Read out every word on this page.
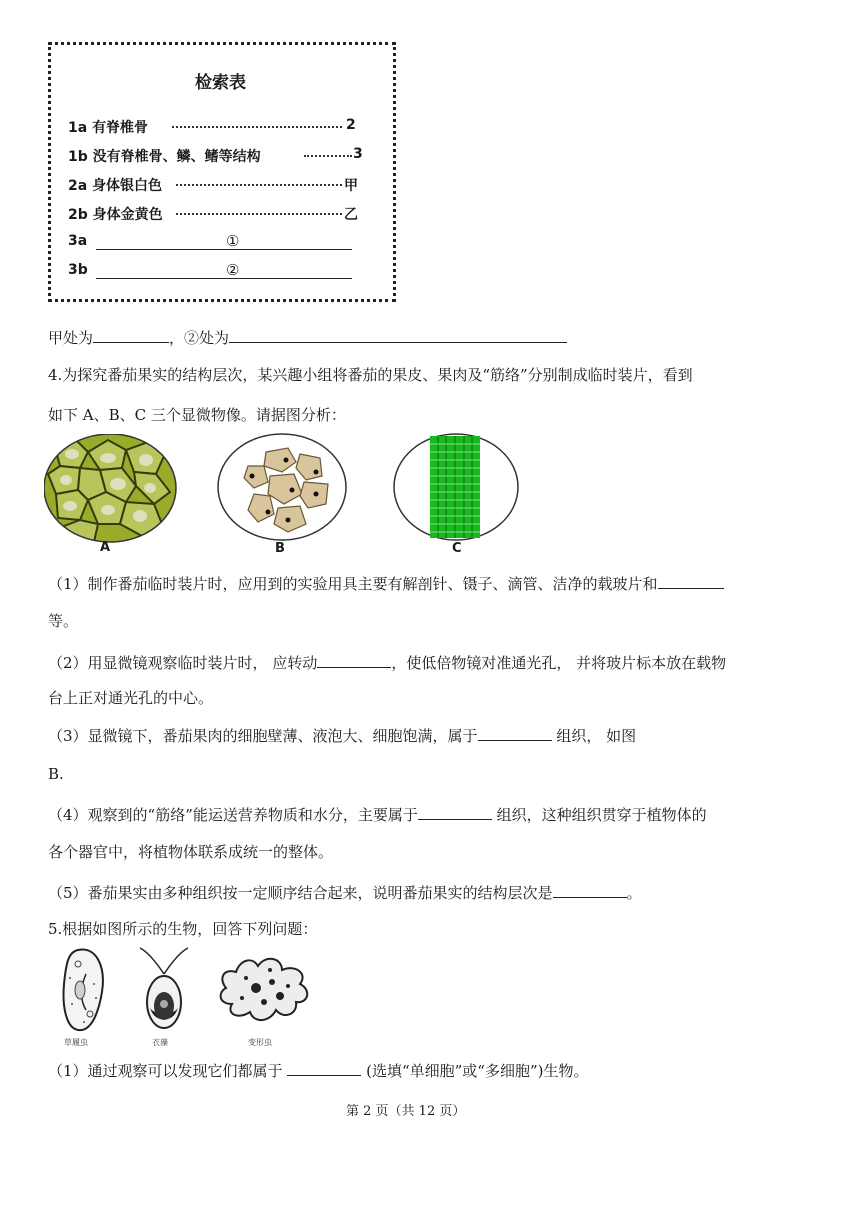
检索表
1a 有脊椎骨	2
1b 没有脊椎骨、鳞、鳍等结构	3
2a 身体银白色	甲
2b 身体金黄色	乙
3a	①
3b	②
甲处为	，②处为
4.为探究番茄果实的结构层次，某兴趣小组将番茄的果皮、果肉及“筋络”分别制成临时装片，看到
如下 A、B、C 三个显微物像。请据图分析：
A	B	C
（1）制作番茄临时装片时，应用到的实验用具主要有解剖针、镊子、滴管、洁净的载玻片和
等。
（2）用显微镜观察临时装片时， 应转动	，使低倍物镜对准通光孔， 并将玻片标本放在载物
台上正对通光孔的中心。
（3）显微镜下，番茄果肉的细胞壁薄、液泡大、细胞饱满，属于	组织， 如图
B.
（4）观察到的“筋络”能运送营养物质和水分，主要属于	组织，这种组织贯穿于植物体的
各个器官中，将植物体联系成统一的整体。
（5）番茄果实由多种组织按一定顺序结合起来，说明番茄果实的结构层次是	。
5.根据如图所示的生物，回答下列问题：
草履虫	衣藻	变形虫
（1）通过观察可以发现它们都属于	(选填“单细胞”或“多细胞”)生物。
第 2 页（共 12 页）
